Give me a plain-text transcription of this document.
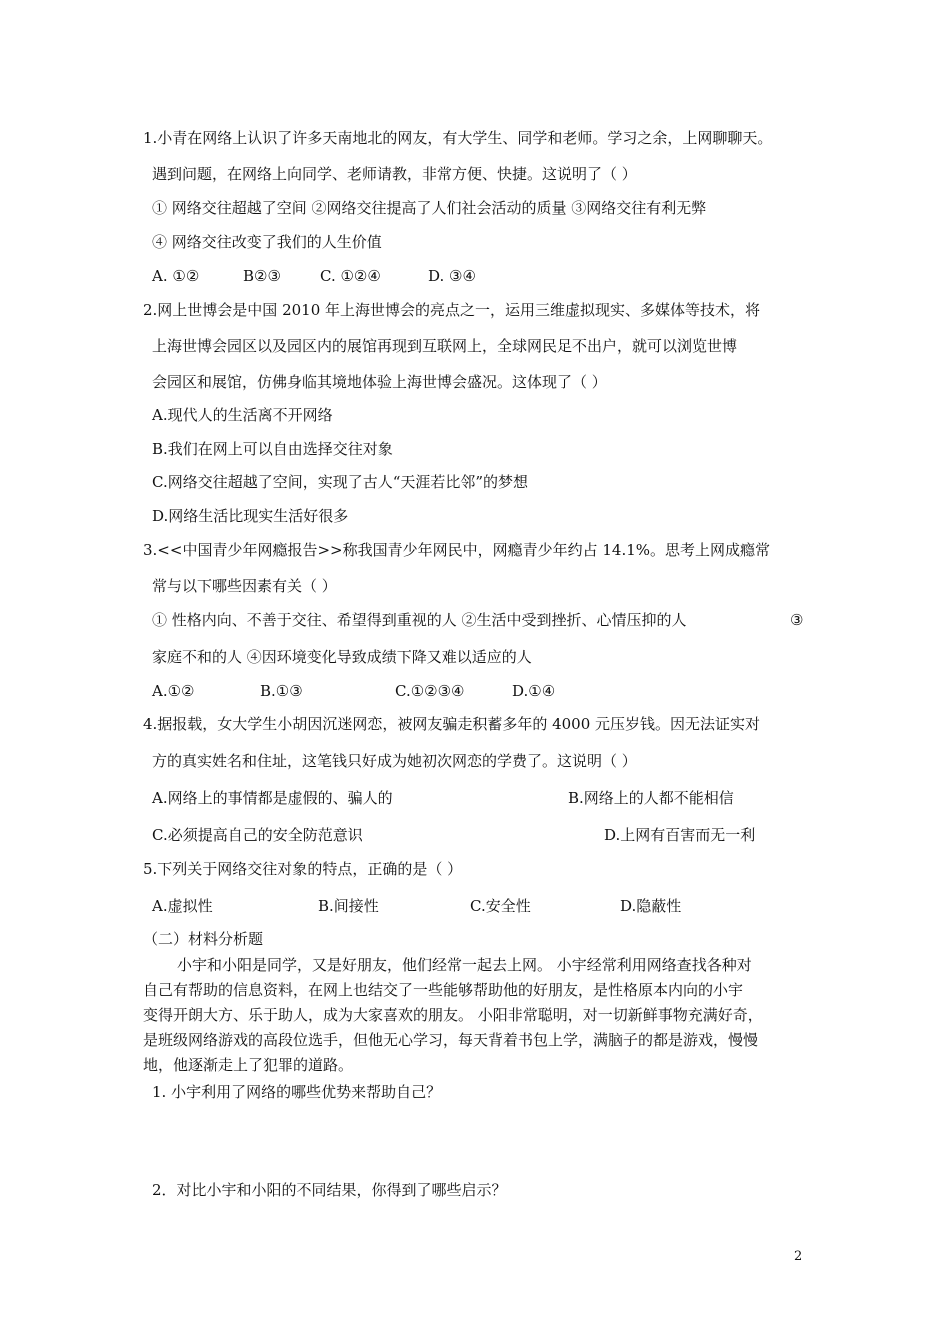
1.小青在网络上认识了许多天南地北的网友，有大学生、同学和老师。学习之余，上网聊聊天。
遇到问题，在网络上向同学、老师请教，非常方便、快捷。这说明了（ ）
① 网络交往超越了空间 ②网络交往提高了人们社会活动的质量 ③网络交往有利无弊
④ 网络交往改变了我们的人生价值
A. ①②	B②③	C. ①②④	D. ③④
2.网上世博会是中国 2010 年上海世博会的亮点之一，运用三维虚拟现实、多媒体等技术，将
上海世博会园区以及园区内的展馆再现到互联网上，全球网民足不出户，就可以浏览世博
会园区和展馆，仿佛身临其境地体验上海世博会盛况。这体现了（ ）
A.现代人的生活离不开网络
B.我们在网上可以自由选择交往对象
C.网络交往超越了空间，实现了古人“天涯若比邻”的梦想
D.网络生活比现实生活好很多
3.<<中国青少年网瘾报告>>称我国青少年网民中，网瘾青少年约占 14.1%。思考上网成瘾常
常与以下哪些因素有关（ ）
① 性格内向、不善于交往、希望得到重视的人 ②生活中受到挫折、心情压抑的人	③
家庭不和的人 ④因环境变化导致成绩下降又难以适应的人
A.①②	B.①③	C.①②③④	D.①④
4.据报载，女大学生小胡因沉迷网恋，被网友骗走积蓄多年的 4000 元压岁钱。因无法证实对
方的真实姓名和住址，这笔钱只好成为她初次网恋的学费了。这说明（ ）
A.网络上的事情都是虚假的、骗人的	B.网络上的人都不能相信
C.必须提高自己的安全防范意识	D.上网有百害而无一利
5.下列关于网络交往对象的特点，正确的是（ ）
A.虚拟性	B.间接性	C.安全性	D.隐蔽性
（二）材料分析题
小宇和小阳是同学，又是好朋友，他们经常一起去上网。 小宇经常利用网络查找各种对
自己有帮助的信息资料，在网上也结交了一些能够帮助他的好朋友，是性格原本内向的小宇
变得开朗大方、乐于助人，成为大家喜欢的朋友。 小阳非常聪明，对一切新鲜事物充满好奇，
是班级网络游戏的高段位选手，但他无心学习，每天背着书包上学，满脑子的都是游戏，慢慢
地，他逐渐走上了犯罪的道路。
1. 小宇利用了网络的哪些优势来帮助自己？
2．对比小宇和小阳的不同结果，你得到了哪些启示？
2
